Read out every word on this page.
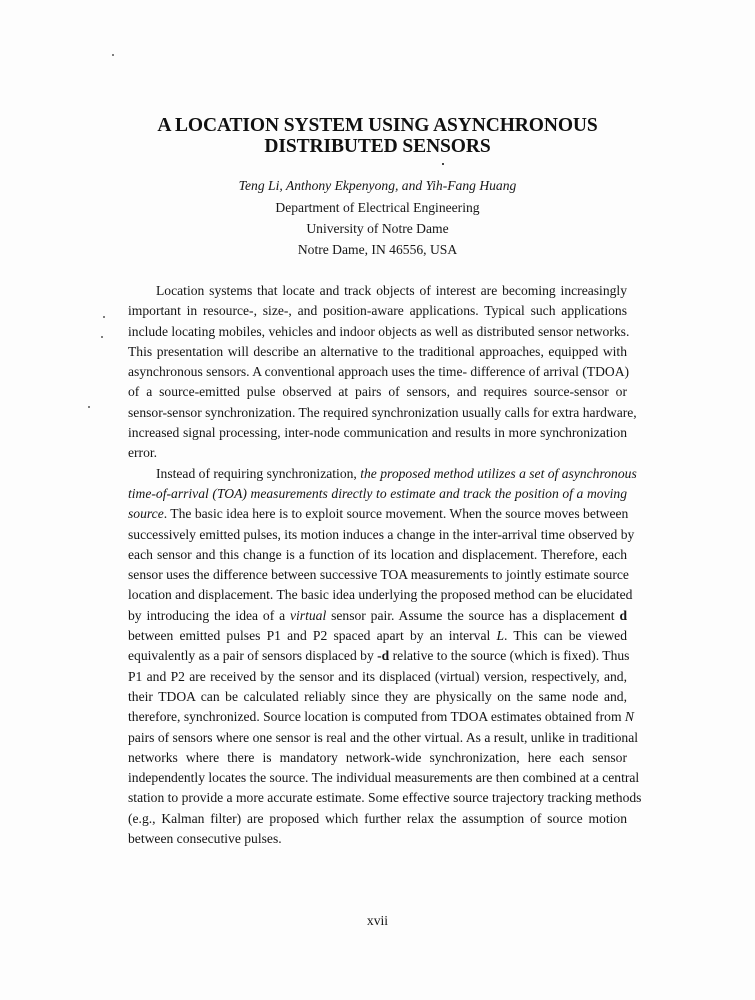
A LOCATION SYSTEM USING ASYNCHRONOUS
DISTRIBUTED SENSORS
Teng Li, Anthony Ekpenyong, and Yih-Fang Huang
Department of Electrical Engineering
University of Notre Dame
Notre Dame, IN 46556, USA
Location systems that locate and track objects of interest are becoming increasingly
important in resource-, size-, and position-aware applications. Typical such applications
include locating mobiles, vehicles and indoor objects as well as distributed sensor networks.
This presentation will describe an alternative to the traditional approaches, equipped with
asynchronous sensors. A conventional approach uses the time- difference of arrival (TDOA)
of a source-emitted pulse observed at pairs of sensors, and requires source-sensor or
sensor-sensor synchronization. The required synchronization usually calls for extra hardware,
increased signal processing, inter-node communication and results in more synchronization
error.
Instead of requiring synchronization, the proposed method utilizes a set of asynchronous
time-of-arrival (TOA) measurements directly to estimate and track the position of a moving
source. The basic idea here is to exploit source movement. When the source moves between
successively emitted pulses, its motion induces a change in the inter-arrival time observed by
each sensor and this change is a function of its location and displacement. Therefore, each
sensor uses the difference between successive TOA measurements to jointly estimate source
location and displacement. The basic idea underlying the proposed method can be elucidated
by introducing the idea of a virtual sensor pair. Assume the source has a displacement d
between emitted pulses P1 and P2 spaced apart by an interval L. This can be viewed
equivalently as a pair of sensors displaced by -d relative to the source (which is fixed). Thus
P1 and P2 are received by the sensor and its displaced (virtual) version, respectively, and,
their TDOA can be calculated reliably since they are physically on the same node and,
therefore, synchronized. Source location is computed from TDOA estimates obtained from N
pairs of sensors where one sensor is real and the other virtual. As a result, unlike in traditional
networks where there is mandatory network-wide synchronization, here each sensor
independently locates the source. The individual measurements are then combined at a central
station to provide a more accurate estimate. Some effective source trajectory tracking methods
(e.g., Kalman filter) are proposed which further relax the assumption of source motion
between consecutive pulses.
xvii
